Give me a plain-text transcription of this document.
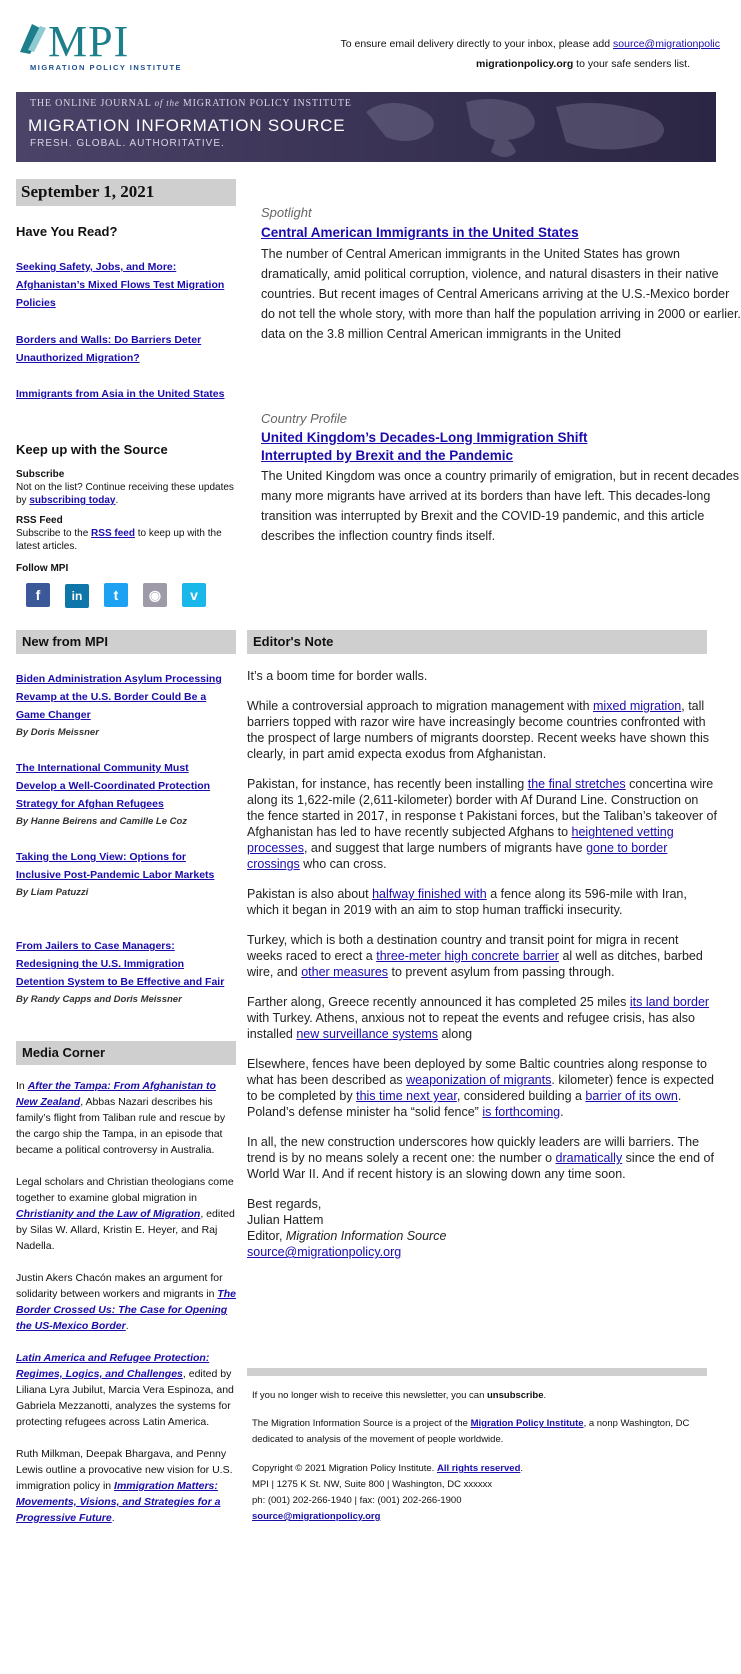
MPI
MIGRATION POLICY INSTITUTE
To ensure email delivery directly to your inbox, please add source@migrationpolic

migrationpolicy.org to your safe senders list.
THE ONLINE JOURNAL of the MIGRATION POLICY INSTITUTE
MIGRATION INFORMATION SOURCE
FRESH. GLOBAL. AUTHORITATIVE.
September 1, 2021
Have You Read?
Seeking Safety, Jobs, and More: Afghanistan’s Mixed Flows Test Migration Policies
Borders and Walls: Do Barriers Deter Unauthorized Migration?
Immigrants from Asia in the United States
Keep up with the Source
Subscribe
Not on the list? Continue receiving these updates by subscribing today.
RSS Feed
Subscribe to the RSS feed to keep up with the latest articles.
Follow MPI
f	in t ◉ v
Spotlight
Central American Immigrants in the United States
The number of Central American immigrants in the United States has grown dramatically, amid political corruption, violence, and natural disasters in their native countries. But recent images of Central Americans arriving at the U.S.-Mexico border do not tell the whole story, with more than half the population arriving in 2000 or earlier. data on the 3.8 million Central American immigrants in the United
Country Profile
United Kingdom’s Decades-Long Immigration Shift
Interrupted by Brexit and the Pandemic
The United Kingdom was once a country primarily of emigration, but in recent decades many more migrants have arrived at its borders than have left. This decades-long transition was interrupted by Brexit and the COVID-19 pandemic, and this article describes the inflection country finds itself.
New from MPI
Biden Administration Asylum Processing Revamp at the U.S. Border Could Be a Game Changer
By Doris Meissner
The International Community Must Develop a Well-Coordinated Protection Strategy for Afghan Refugees
By Hanne Beirens and Camille Le Coz
Taking the Long View: Options for Inclusive Post-Pandemic Labor Markets
By Liam Patuzzi
From Jailers to Case Managers: Redesigning the U.S. Immigration Detention System to Be Effective and Fair
By Randy Capps and Doris Meissner
Media Corner

In After the Tampa: From Afghanistan to New Zealand, Abbas Nazari describes his family’s flight from Taliban rule and rescue by the cargo ship the Tampa, in an episode that became a political controversy in Australia.

Legal scholars and Christian theologians come together to examine global migration in Christianity and the Law of Migration, edited by Silas W. Allard, Kristin E. Heyer, and Raj Nadella.

Justin Akers Chacón makes an argument for solidarity between workers and migrants in The Border Crossed Us: The Case for Opening the US-Mexico Border.

Latin America and Refugee Protection: Regimes, Logics, and Challenges, edited by Liliana Lyra Jubilut, Marcia Vera Espinoza, and Gabriela Mezzanotti, analyzes the systems for protecting refugees across Latin America.

Ruth Milkman, Deepak Bhargava, and Penny Lewis outline a provocative new vision for U.S. immigration policy in Immigration Matters: Movements, Visions, and Strategies for a Progressive Future.

Editor's Note

It’s a boom time for border walls.

While a controversial approach to migration management with mixed migration, tall barriers topped with razor wire have increasingly become countries confronted with the prospect of large numbers of migrants doorstep. Recent weeks have shown this clearly, in part amid expecta exodus from Afghanistan.

Pakistan, for instance, has recently been installing the final stretches concertina wire along its 1,622-mile (2,611-kilometer) border with Af Durand Line. Construction on the fence started in 2017, in response t Pakistani forces, but the Taliban’s takeover of Afghanistan has led to have recently subjected Afghans to heightened vetting processes, and suggest that large numbers of migrants have gone to border crossings who can cross.

Pakistan is also about halfway finished with a fence along its 596-mile with Iran, which it began in 2019 with an aim to stop human trafficki insecurity.

Turkey, which is both a destination country and transit point for migra in recent weeks raced to erect a three-meter high concrete barrier al well as ditches, barbed wire, and other measures to prevent asylum from passing through.

Farther along, Greece recently announced it has completed 25 miles its land border with Turkey. Athens, anxious not to repeat the events and refugee crisis, has also installed new surveillance systems along

Elsewhere, fences have been deployed by some Baltic countries along response to what has been described as weaponization of migrants. kilometer) fence is expected to be completed by this time next year, considered building a barrier of its own. Poland’s defense minister ha “solid fence” is forthcoming.

In all, the new construction underscores how quickly leaders are willi barriers. The trend is by no means solely a recent one: the number o dramatically since the end of World War II. And if recent history is an slowing down any time soon.

Best regards,
Julian Hattem
Editor, Migration Information Source
source@migrationpolicy.org

If you no longer wish to receive this newsletter, you can unsubscribe.
The Migration Information Source is a project of the Migration Policy Institute, a nonp Washington, DC dedicated to analysis of the movement of people worldwide.
Copyright © 2021 Migration Policy Institute. All rights reserved.
MPI | 1275 K St. NW, Suite 800 | Washington, DC xxxxxx
ph: (001) 202-266-1940 | fax: (001) 202-266-1900
source@migrationpolicy.org
